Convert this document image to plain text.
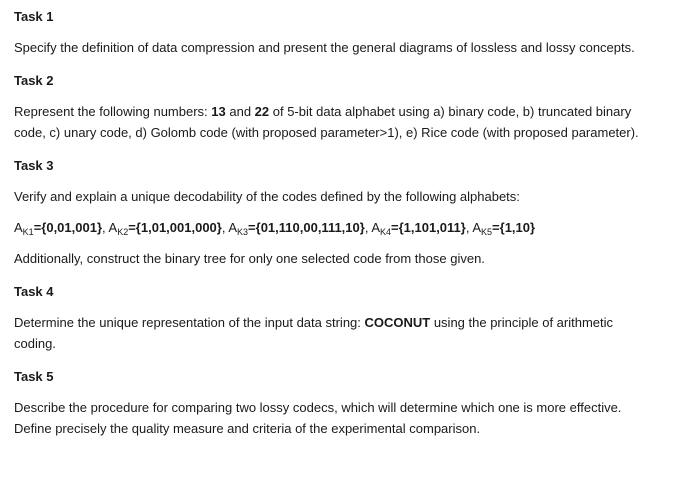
Task 1

Specify the definition of data compression and present the general diagrams of lossless and lossy concepts.

Task 2

Represent the following numbers: 13 and 22 of 5-bit data alphabet using a) binary code, b) truncated binary code, c) unary code, d) Golomb code (with proposed parameter>1), e) Rice code (with proposed parameter).

Task 3

Verify and explain a unique decodability of the codes defined by the following alphabets:

$A_{K1}=\{0,01,001\}$, $A_{K2}=\{1,01,001,000\}$, $A_{K3}=\{01,110,00,111,10\}$, $A_{K4}=\{1,101,011\}$, $A_{K5}=\{1,10\}$

Additionally, construct the binary tree for only one selected code from those given.

Task 4

Determine the unique representation of the input data string: COCONUT using the principle of arithmetic coding.

Task 5

Describe the procedure for comparing two lossy codecs, which will determine which one is more effective. Define precisely the quality measure and criteria of the experimental comparison.
